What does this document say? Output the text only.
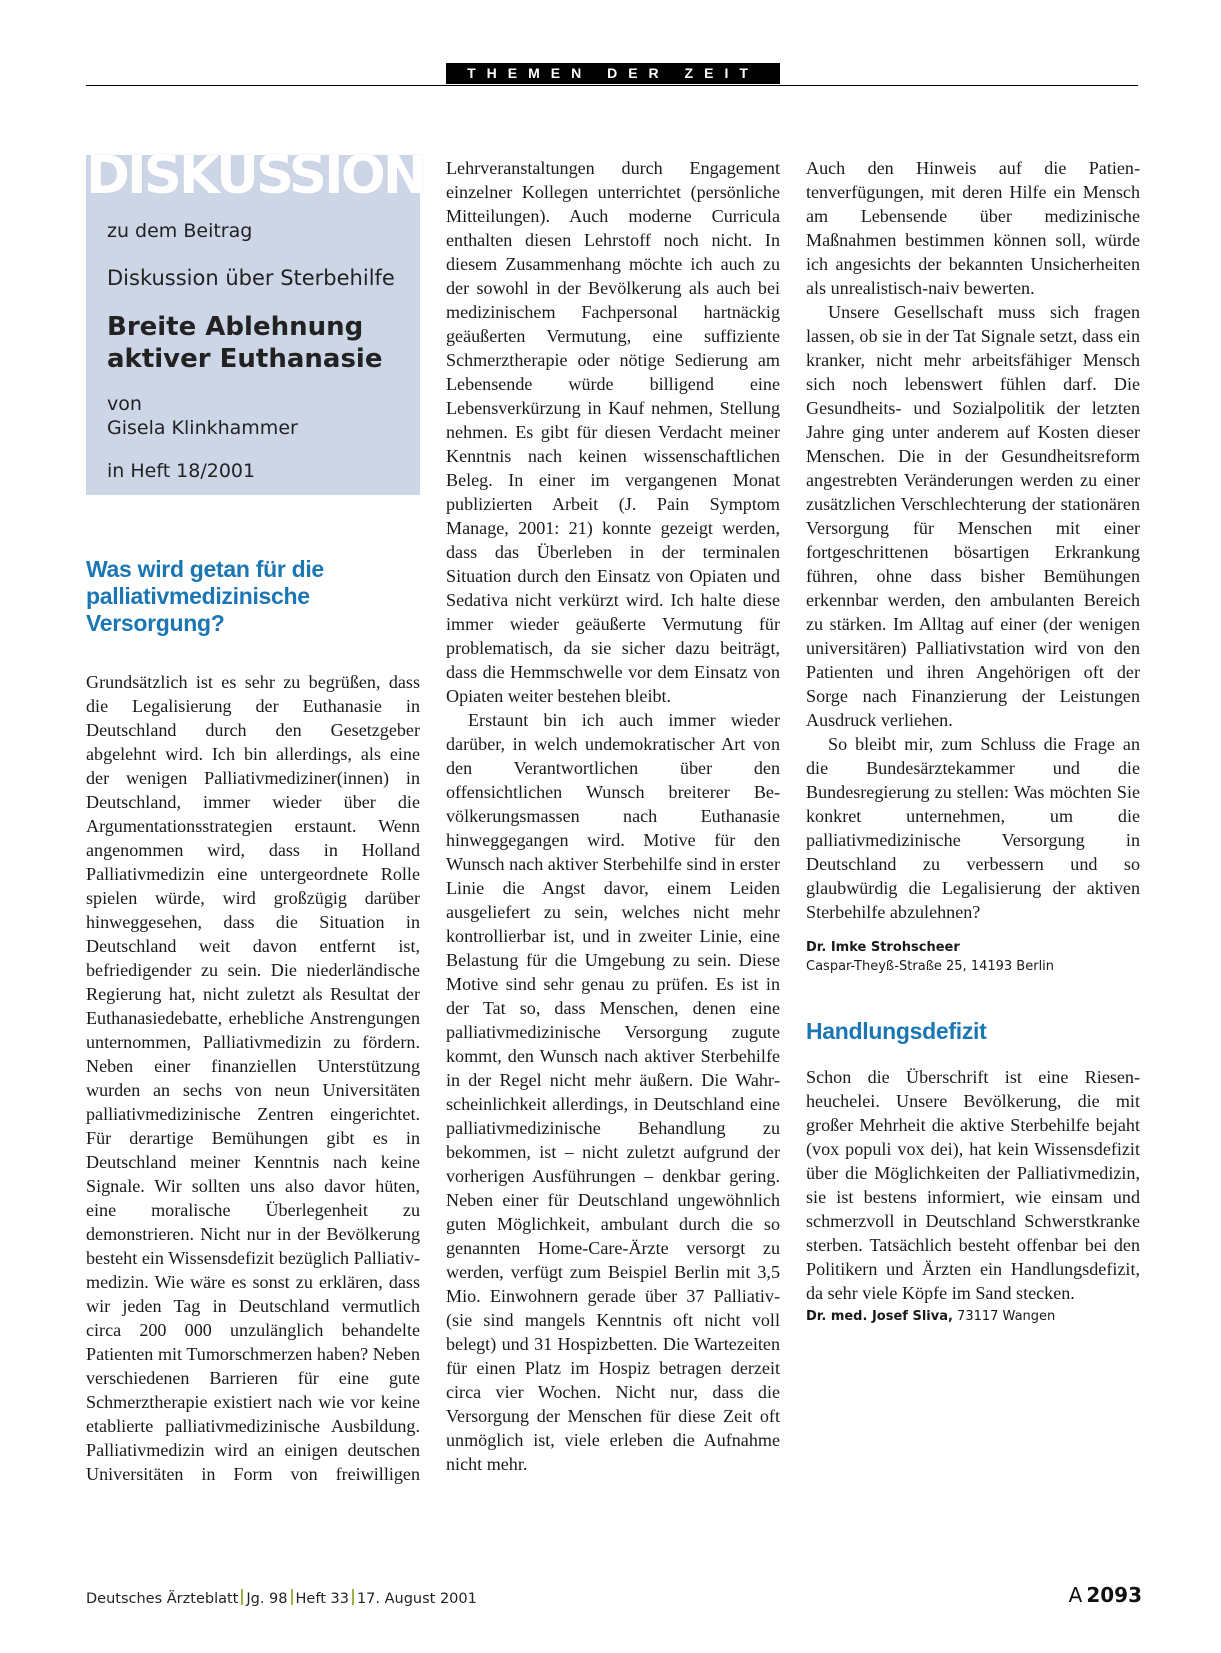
THEMEN DER ZEIT
DISKUSSION
zu dem Beitrag
Diskussion über Sterbehilfe
Breite Ablehnung aktiver Euthanasie
von
Gisela Klinkhammer
in Heft 18/2001
Was wird getan für die palliativmedizinische Versorgung?

Grundsätzlich ist es sehr zu begrüßen, dass die Legalisierung der Euthanasie in Deutschland durch den Gesetzgeber abgelehnt wird. Ich bin allerdings, als eine der wenigen Palliativmediziner(innen) in Deutschland, immer wieder über die Argumentationsstrategien erstaunt. Wenn angenommen wird, dass in Holland Palliativmedizin eine untergeordnete Rolle spielen würde, wird großzügig darüber hinweggesehen, dass die Situation in Deutschland weit davon entfernt ist, befriedigender zu sein. Die niederländische Regierung hat, nicht zuletzt als Resultat der Euthanasiedebatte, erhebliche Anstrengungen unternommen, Palliativmedizin zu fördern. Neben einer finanziellen Unterstützung wurden an sechs von neun Universitäten palliativmedizinische Zentren eingerichtet. Für derartige Bemühungen gibt es in Deutschland meiner Kenntnis nach keine Signale. Wir sollten uns also davor hüten, eine moralische Überlegenheit zu demonstrieren. Nicht nur in der Bevölkerung besteht ein Wissensdefizit bezüglich Palliativmedizin. Wie wäre es sonst zu erklären, dass wir jeden Tag in Deutschland vermutlich circa 200 000 unzulänglich behandelte Patienten mit Tumorschmerzen haben? Neben verschiedenen Barrieren für eine gute Schmerztherapie existiert nach wie vor keine etablierte palliativmedizinische Ausbildung. Palliativmedizin wird an einigen deutschen Universitäten in Form von freiwilligen

Lehrveranstaltungen durch Engagement einzelner Kollegen unterrichtet (persönliche Mitteilungen). Auch moderne Curricula enthalten diesen Lehrstoff noch nicht. In diesem Zusammenhang möchte ich auch zu der sowohl in der Bevölkerung als auch bei medizinischem Fachpersonal hartnäckig geäußerten Vermutung, eine suffiziente Schmerztherapie oder nötige Sedierung am Lebensende würde billigend eine Lebensverkürzung in Kauf nehmen, Stellung nehmen. Es gibt für diesen Verdacht meiner Kenntnis nach keinen wissenschaftlichen Beleg. In einer im vergangenen Monat publizierten Arbeit (J. Pain Symptom Manage, 2001: 21) konnte gezeigt werden, dass das Überleben in der terminalen Situation durch den Einsatz von Opiaten und Sedativa nicht verkürzt wird. Ich halte diese immer wieder geäußerte Vermutung für problematisch, da sie sicher dazu beiträgt, dass die Hemmschwelle vor dem Einsatz von Opiaten weiter bestehen bleibt.

Erstaunt bin ich auch immer wieder darüber, in welch undemokratischer Art von den Verantwortlichen über den offensichtlichen Wunsch breiterer Bevölkerungsmassen nach Euthanasie hinweggegangen wird. Motive für den Wunsch nach aktiver Sterbehilfe sind in erster Linie die Angst davor, einem Leiden ausgeliefert zu sein, welches nicht mehr kontrollierbar ist, und in zweiter Linie, eine Belastung für die Umgebung zu sein. Diese Motive sind sehr genau zu prüfen. Es ist in der Tat so, dass Menschen, denen eine palliativmedizinische Versorgung zugute kommt, den Wunsch nach aktiver Sterbehilfe in der Regel nicht mehr äußern. Die Wahrscheinlichkeit allerdings, in Deutschland eine palliativmedizinische Behandlung zu bekommen, ist – nicht zuletzt aufgrund der vorherigen Ausführungen – denkbar gering. Neben einer für Deutschland ungewöhnlich guten Möglichkeit, ambulant durch die so genannten Home-Care-Ärzte versorgt zu werden, verfügt zum Beispiel Berlin mit 3,5 Mio. Einwohnern gerade über 37 Palliativ- (sie sind mangels Kenntnis oft nicht voll belegt) und 31 Hospizbetten. Die Wartezeiten für einen Platz im Hospiz betragen derzeit circa vier Wochen. Nicht nur, dass die Versorgung der Menschen für diese Zeit oft unmöglich ist, viele erleben die Aufnahme nicht mehr.

Auch den Hinweis auf die Patientenverfügungen, mit deren Hilfe ein Mensch am Lebensende über medizinische Maßnahmen bestimmen können soll, würde ich angesichts der bekannten Unsicherheiten als unrealistisch-naiv bewerten.

Unsere Gesellschaft muss sich fragen lassen, ob sie in der Tat Signale setzt, dass ein kranker, nicht mehr arbeitsfähiger Mensch sich noch lebenswert fühlen darf. Die Gesundheits- und Sozialpolitik der letzten Jahre ging unter anderem auf Kosten dieser Menschen. Die in der Gesundheitsreform angestrebten Veränderungen werden zu einer zusätzlichen Verschlechterung der stationären Versorgung für Menschen mit einer fortgeschrittenen bösartigen Erkrankung führen, ohne dass bisher Bemühungen erkennbar werden, den ambulanten Bereich zu stärken. Im Alltag auf einer (der wenigen universitären) Palliativstation wird von den Patienten und ihren Angehörigen oft der Sorge nach Finanzierung der Leistungen Ausdruck verliehen.

So bleibt mir, zum Schluss die Frage an die Bundesärztekammer und die Bundesregierung zu stellen: Was möchten Sie konkret unternehmen, um die palliativmedizinische Versorgung in Deutschland zu verbessern und so glaubwürdig die Legalisierung der aktiven Sterbehilfe abzulehnen?

Dr. Imke Strohscheer
Caspar-Theyß-Straße 25, 14193 Berlin
Handlungsdefizit

Schon die Überschrift ist eine Riesenheuchelei. Unsere Bevölkerung, die mit großer Mehrheit die aktive Sterbehilfe bejaht (vox populi vox dei), hat kein Wissensdefizit über die Möglichkeiten der Palliativmedizin, sie ist bestens informiert, wie einsam und schmerzvoll in Deutschland Schwerstkranke sterben. Tatsächlich besteht offenbar bei den Politikern und Ärzten ein Handlungsdefizit, da sehr viele Köpfe im Sand stecken.

Dr. med. Josef Sliva, 73117 Wangen
Deutsches Ärzteblatt Jg. 98 Heft 33 17. August 2001	A 2093
